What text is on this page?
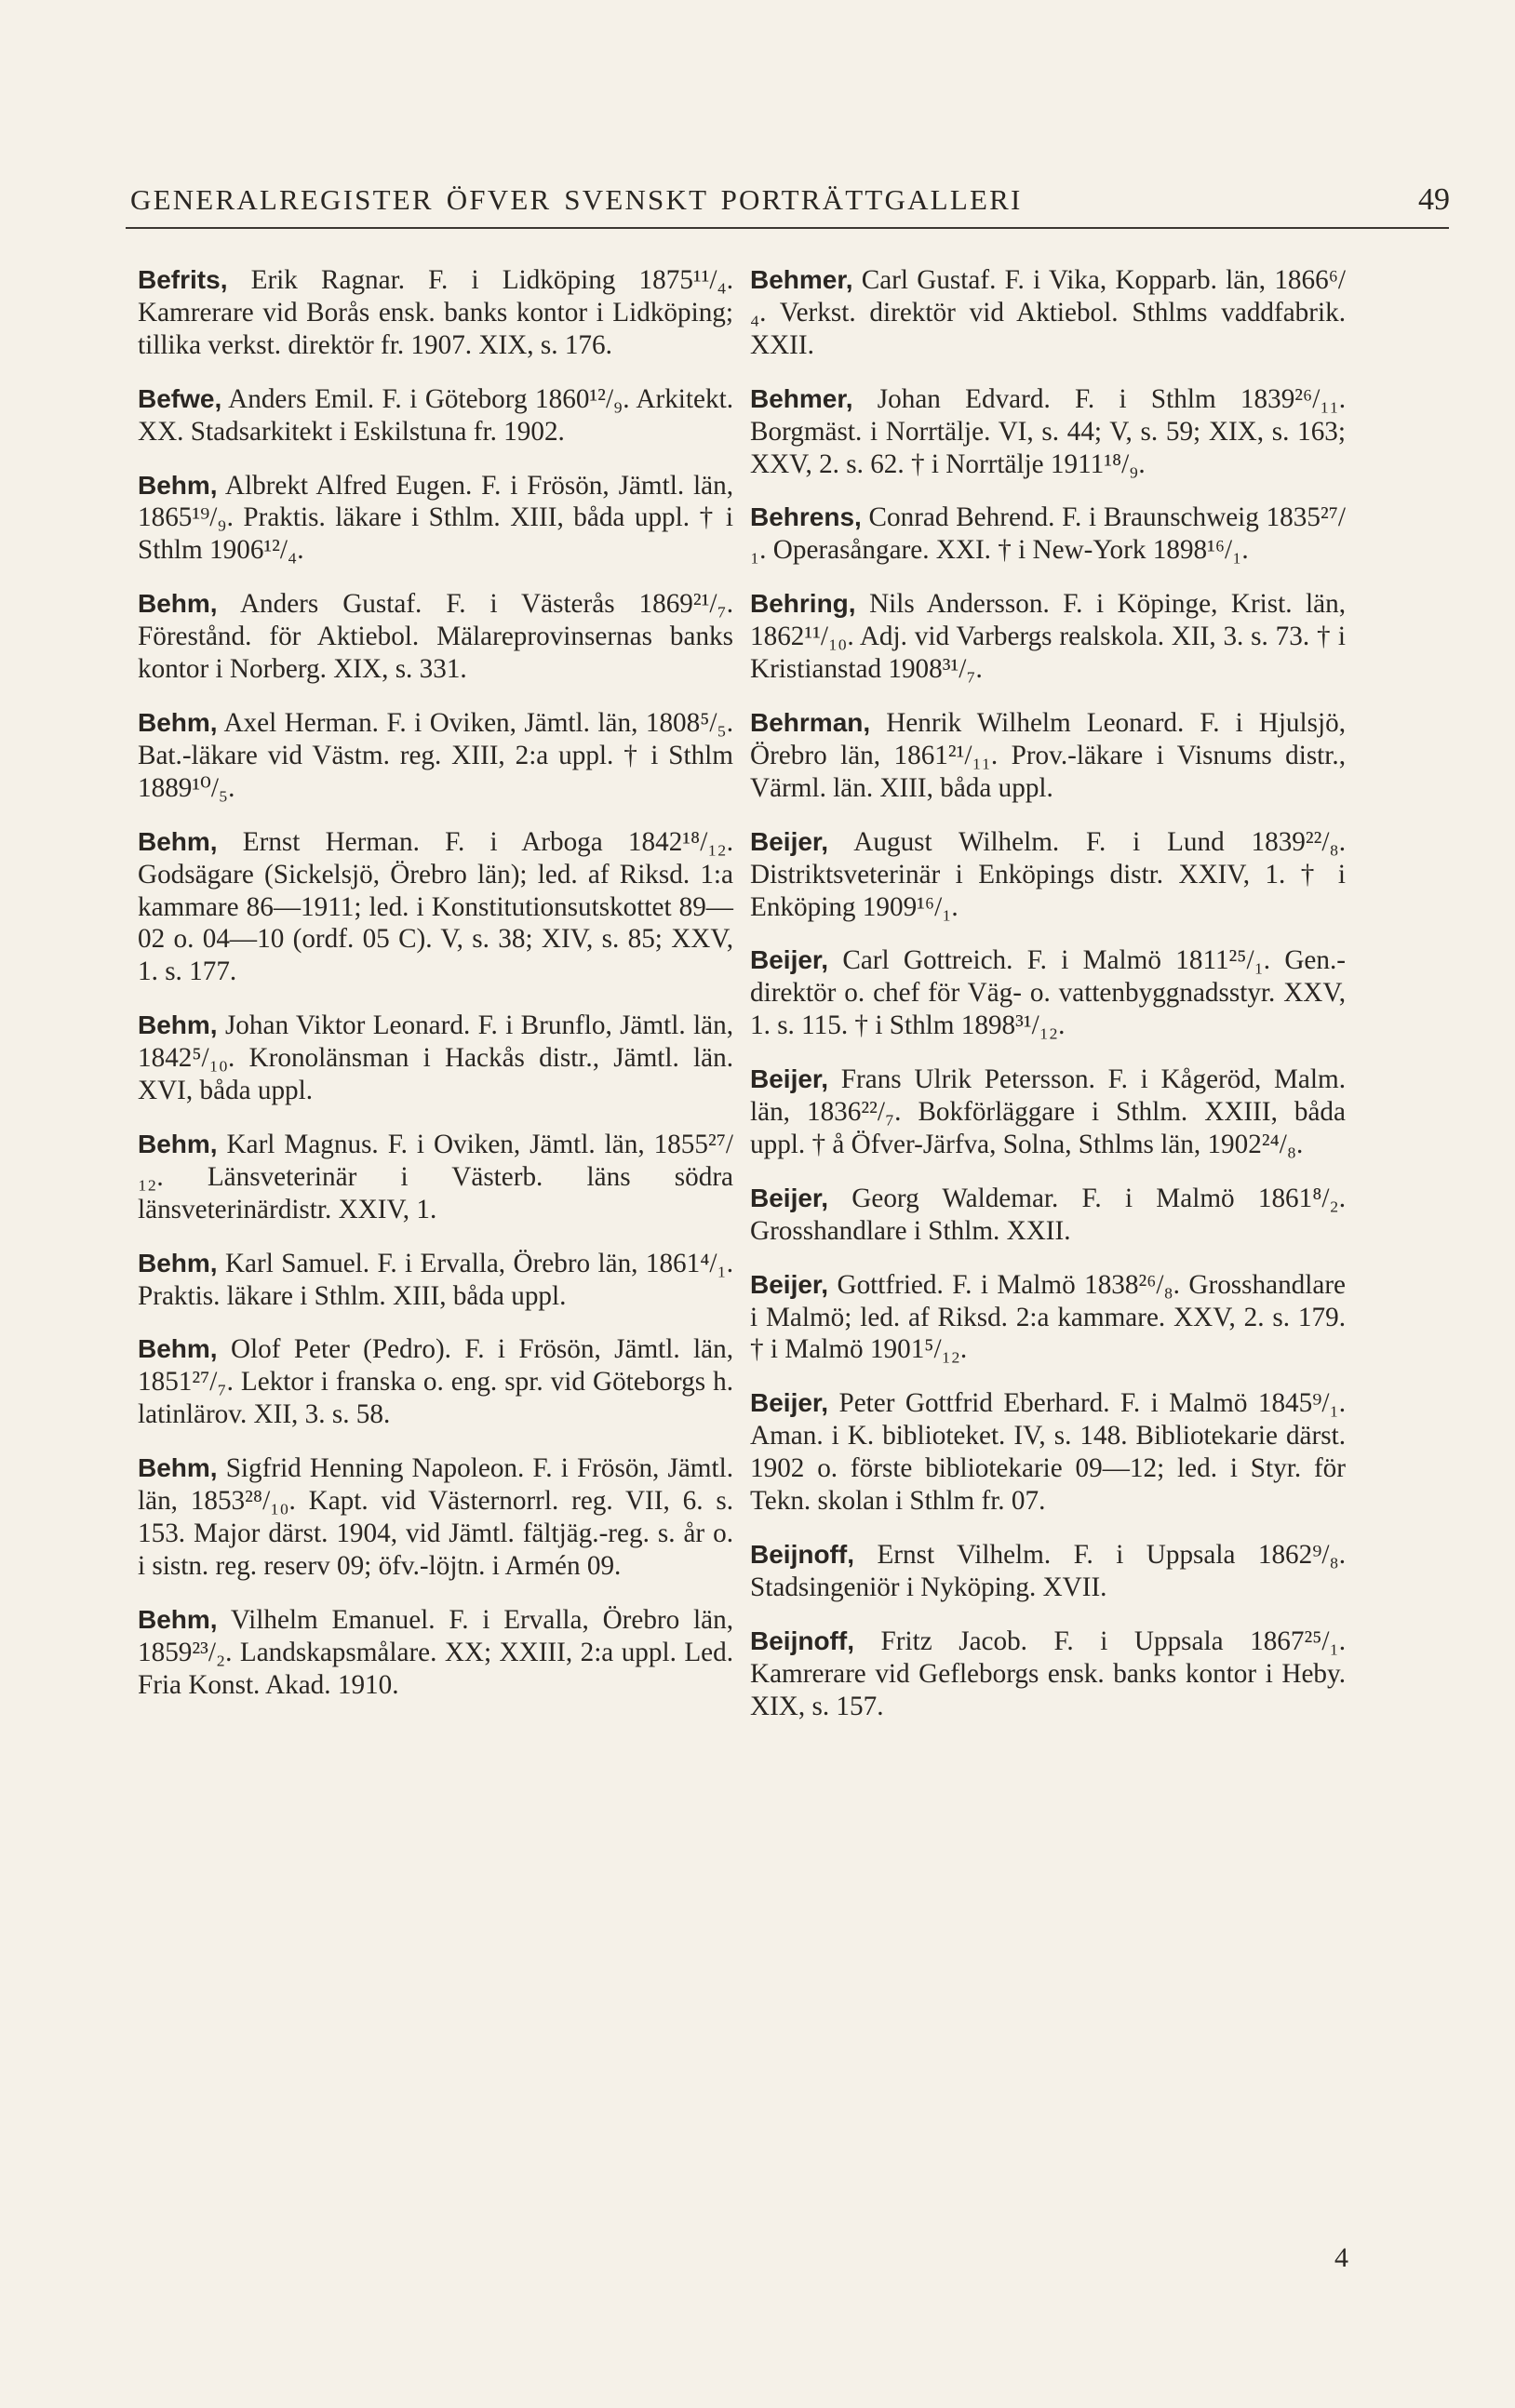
GENERALREGISTER ÖFVER SVENSKT PORTRÄTTGALLERI	49

Befrits, Erik Ragnar. F. i Lidköping 1875¹¹/₄. Kamrerare vid Borås ensk. banks kontor i Lidköping; tillika verkst. direktör fr. 1907. XIX, s. 176.

Befwe, Anders Emil. F. i Göteborg 1860¹²/₉. Arkitekt. XX. Stadsarkitekt i Eskilstuna fr. 1902.

Behm, Albrekt Alfred Eugen. F. i Frösön, Jämtl. län, 1865¹⁹/₉. Praktis. läkare i Sthlm. XIII, båda uppl. † i Sthlm 1906¹²/₄.

Behm, Anders Gustaf. F. i Västerås 1869²¹/₇. Förestånd. för Aktiebol. Mälareprovinsernas banks kontor i Norberg. XIX, s. 331.

Behm, Axel Herman. F. i Oviken, Jämtl. län, 1808⁵/₅. Bat.-läkare vid Västm. reg. XIII, 2:a uppl. † i Sthlm 1889¹⁰/₅.

Behm, Ernst Herman. F. i Arboga 1842¹⁸/₁₂. Godsägare (Sickelsjö, Örebro län); led. af Riksd. 1:a kammare 86—1911; led. i Konstitutionsutskottet 89—02 o. 04—10 (ordf. 05 C). V, s. 38; XIV, s. 85; XXV, 1. s. 177.

Behm, Johan Viktor Leonard. F. i Brunflo, Jämtl. län, 1842⁵/₁₀. Kronolänsman i Hackås distr., Jämtl. län. XVI, båda uppl.

Behm, Karl Magnus. F. i Oviken, Jämtl. län, 1855²⁷/₁₂. Länsveterinär i Västerb. läns södra länsveterinärdistr. XXIV, 1.

Behm, Karl Samuel. F. i Ervalla, Örebro län, 1861⁴/₁. Praktis. läkare i Sthlm. XIII, båda uppl.

Behm, Olof Peter (Pedro). F. i Frösön, Jämtl. län, 1851²⁷/₇. Lektor i franska o. eng. spr. vid Göteborgs h. latinlärov. XII, 3. s. 58.

Behm, Sigfrid Henning Napoleon. F. i Frösön, Jämtl. län, 1853²⁸/₁₀. Kapt. vid Västernorrl. reg. VII, 6. s. 153. Major därst. 1904, vid Jämtl. fältjäg.-reg. s. år o. i sistn. reg. reserv 09; öfv.-löjtn. i Armén 09.

Behm, Vilhelm Emanuel. F. i Ervalla, Örebro län, 1859²³/₂. Landskapsmålare. XX; XXIII, 2:a uppl. Led. Fria Konst. Akad. 1910.

Behmer, Carl Gustaf. F. i Vika, Kopparb. län, 1866⁶/₄. Verkst. direktör vid Aktiebol. Sthlms vaddfabrik. XXII.

Behmer, Johan Edvard. F. i Sthlm 1839²⁶/₁₁. Borgmäst. i Norrtälje. VI, s. 44; V, s. 59; XIX, s. 163; XXV, 2. s. 62. † i Norrtälje 1911¹⁸/₉.

Behrens, Conrad Behrend. F. i Braunschweig 1835²⁷/₁. Operasångare. XXI. † i New-York 1898¹⁶/₁.

Behring, Nils Andersson. F. i Köpinge, Krist. län, 1862¹¹/₁₀. Adj. vid Varbergs realskola. XII, 3. s. 73. † i Kristianstad 1908³¹/₇.

Behrman, Henrik Wilhelm Leonard. F. i Hjulsjö, Örebro län, 1861²¹/₁₁. Prov.-läkare i Visnums distr., Värml. län. XIII, båda uppl.

Beijer, August Wilhelm. F. i Lund 1839²²/₈. Distriktsveterinär i Enköpings distr. XXIV, 1. † i Enköping 1909¹⁶/₁.

Beijer, Carl Gottreich. F. i Malmö 1811²⁵/₁. Gen.-direktör o. chef för Väg- o. vattenbyggnadsstyr. XXV, 1. s. 115. † i Sthlm 1898³¹/₁₂.

Beijer, Frans Ulrik Petersson. F. i Kågeröd, Malm. län, 1836²²/₇. Bokförläggare i Sthlm. XXIII, båda uppl. † å Öfver-Järfva, Solna, Sthlms län, 1902²⁴/₈.

Beijer, Georg Waldemar. F. i Malmö 1861⁸/₂. Grosshandlare i Sthlm. XXII.

Beijer, Gottfried. F. i Malmö 1838²⁶/₈. Grosshandlare i Malmö; led. af Riksd. 2:a kammare. XXV, 2. s. 179. † i Malmö 1901⁵/₁₂.

Beijer, Peter Gottfrid Eberhard. F. i Malmö 1845⁹/₁. Aman. i K. biblioteket. IV, s. 148. Bibliotekarie därst. 1902 o. förste bibliotekarie 09—12; led. i Styr. för Tekn. skolan i Sthlm fr. 07.

Beijnoff, Ernst Vilhelm. F. i Uppsala 1862⁹/₈. Stadsingeniör i Nyköping. XVII.

Beijnoff, Fritz Jacob. F. i Uppsala 1867²⁵/₁. Kamrerare vid Gefleborgs ensk. banks kontor i Heby. XIX, s. 157.

4
